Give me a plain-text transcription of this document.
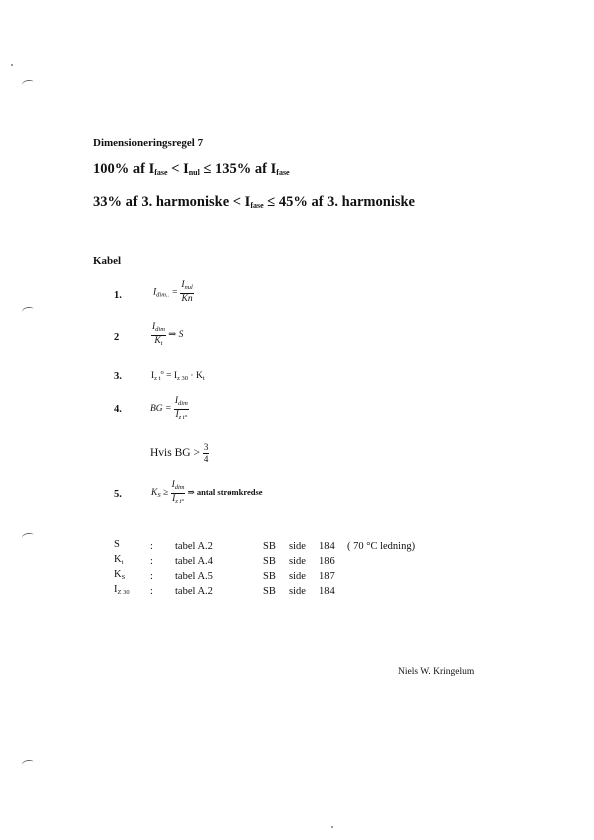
Dimensioneringsregel 7
100% af $I_{fase} < I_{nul} \le 135\%$ af $I_{fase}$
33% af 3. harmoniske < $I_{fase} \le 45\%$ af 3. harmoniske
Kabel
1.	$I_{dim..} = \frac{I_{nul}}{Kn}$
2	$\frac{I_{dim}}{K_t}$ ⇒ S
3.	$I_{z t}^o = I_{z 30} \cdot K_t$
4.	BG = $\frac{I_{dim}}{I_{z t^\circ}}$
Hvis BG > $\frac{3}{4}$
5.	$K_S \ge \frac{I_{dim}}{I_{z t^\circ}}$ ⇒ antal strømkredse
S	:	tabel A.2	SB	side	184	( 70 °C ledning)
$K_t$	:	tabel A.4	SB	side	186	
$K_S$	:	tabel A.5	SB	side	187	
$I_{Z 30}$	:	tabel A.2	SB	side	184	
Niels W. Kringelum
